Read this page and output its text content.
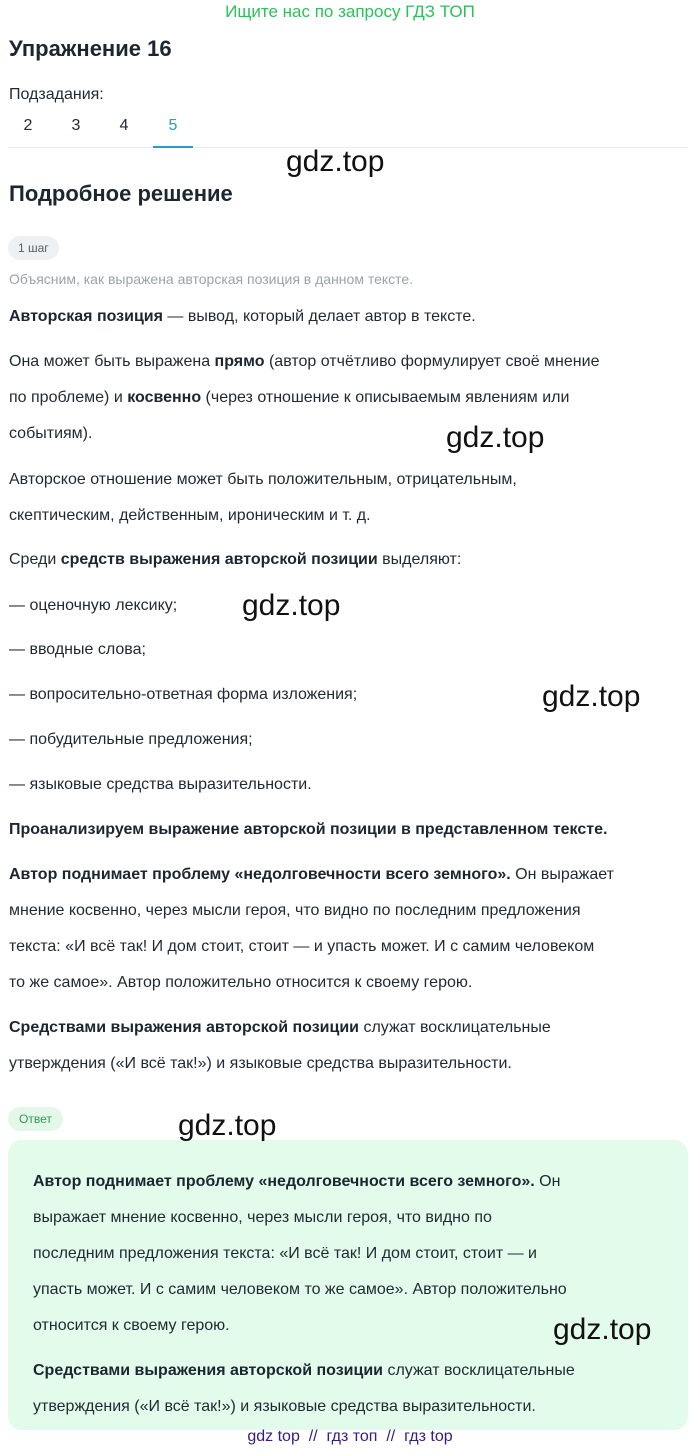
Ищите нас по запросу ГДЗ ТОП
Упражнение 16
Подзадания:
2	3	4	5
gdz.top
Подробное решение
1 шаг
Объясним, как выражена авторская позиция в данном тексте.
Авторская позиция — вывод, который делает автор в тексте.
Она может быть выражена прямо (автор отчётливо формулирует своё мнение
по проблеме) и косвенно (через отношение к описываемым явлениям или
событиям).	gdz.top
Авторское отношение может быть положительным, отрицательным,
скептическим, действенным, ироническим и т. д.
Среди средств выражения авторской позиции выделяют:
— оценочную лексику;	gdz.top
— вводные слова;
— вопросительно-ответная форма изложения;	gdz.top
— побудительные предложения;
— языковые средства выразительности.
Проанализируем выражение авторской позиции в представленном тексте.
Автор поднимает проблему «недолговечности всего земного». Он выражает
мнение косвенно, через мысли героя, что видно по последним предложения
текста: «И всё так! И дом стоит, стоит — и упасть может. И с самим человеком
то же самое». Автор положительно относится к своему герою.
Средствами выражения авторской позиции служат восклицательные
утверждения («И всё так!») и языковые средства выразительности.
Ответ	gdz.top
Автор поднимает проблему «недолговечности всего земного». Он
выражает мнение косвенно, через мысли героя, что видно по
последним предложения текста: «И всё так! И дом стоит, стоит — и
упасть может. И с самим человеком то же самое». Автор положительно
относится к своему герою.	gdz.top
Средствами выражения авторской позиции служат восклицательные
утверждения («И всё так!») и языковые средства выразительности.
gdz top // гдз топ // гдз top
